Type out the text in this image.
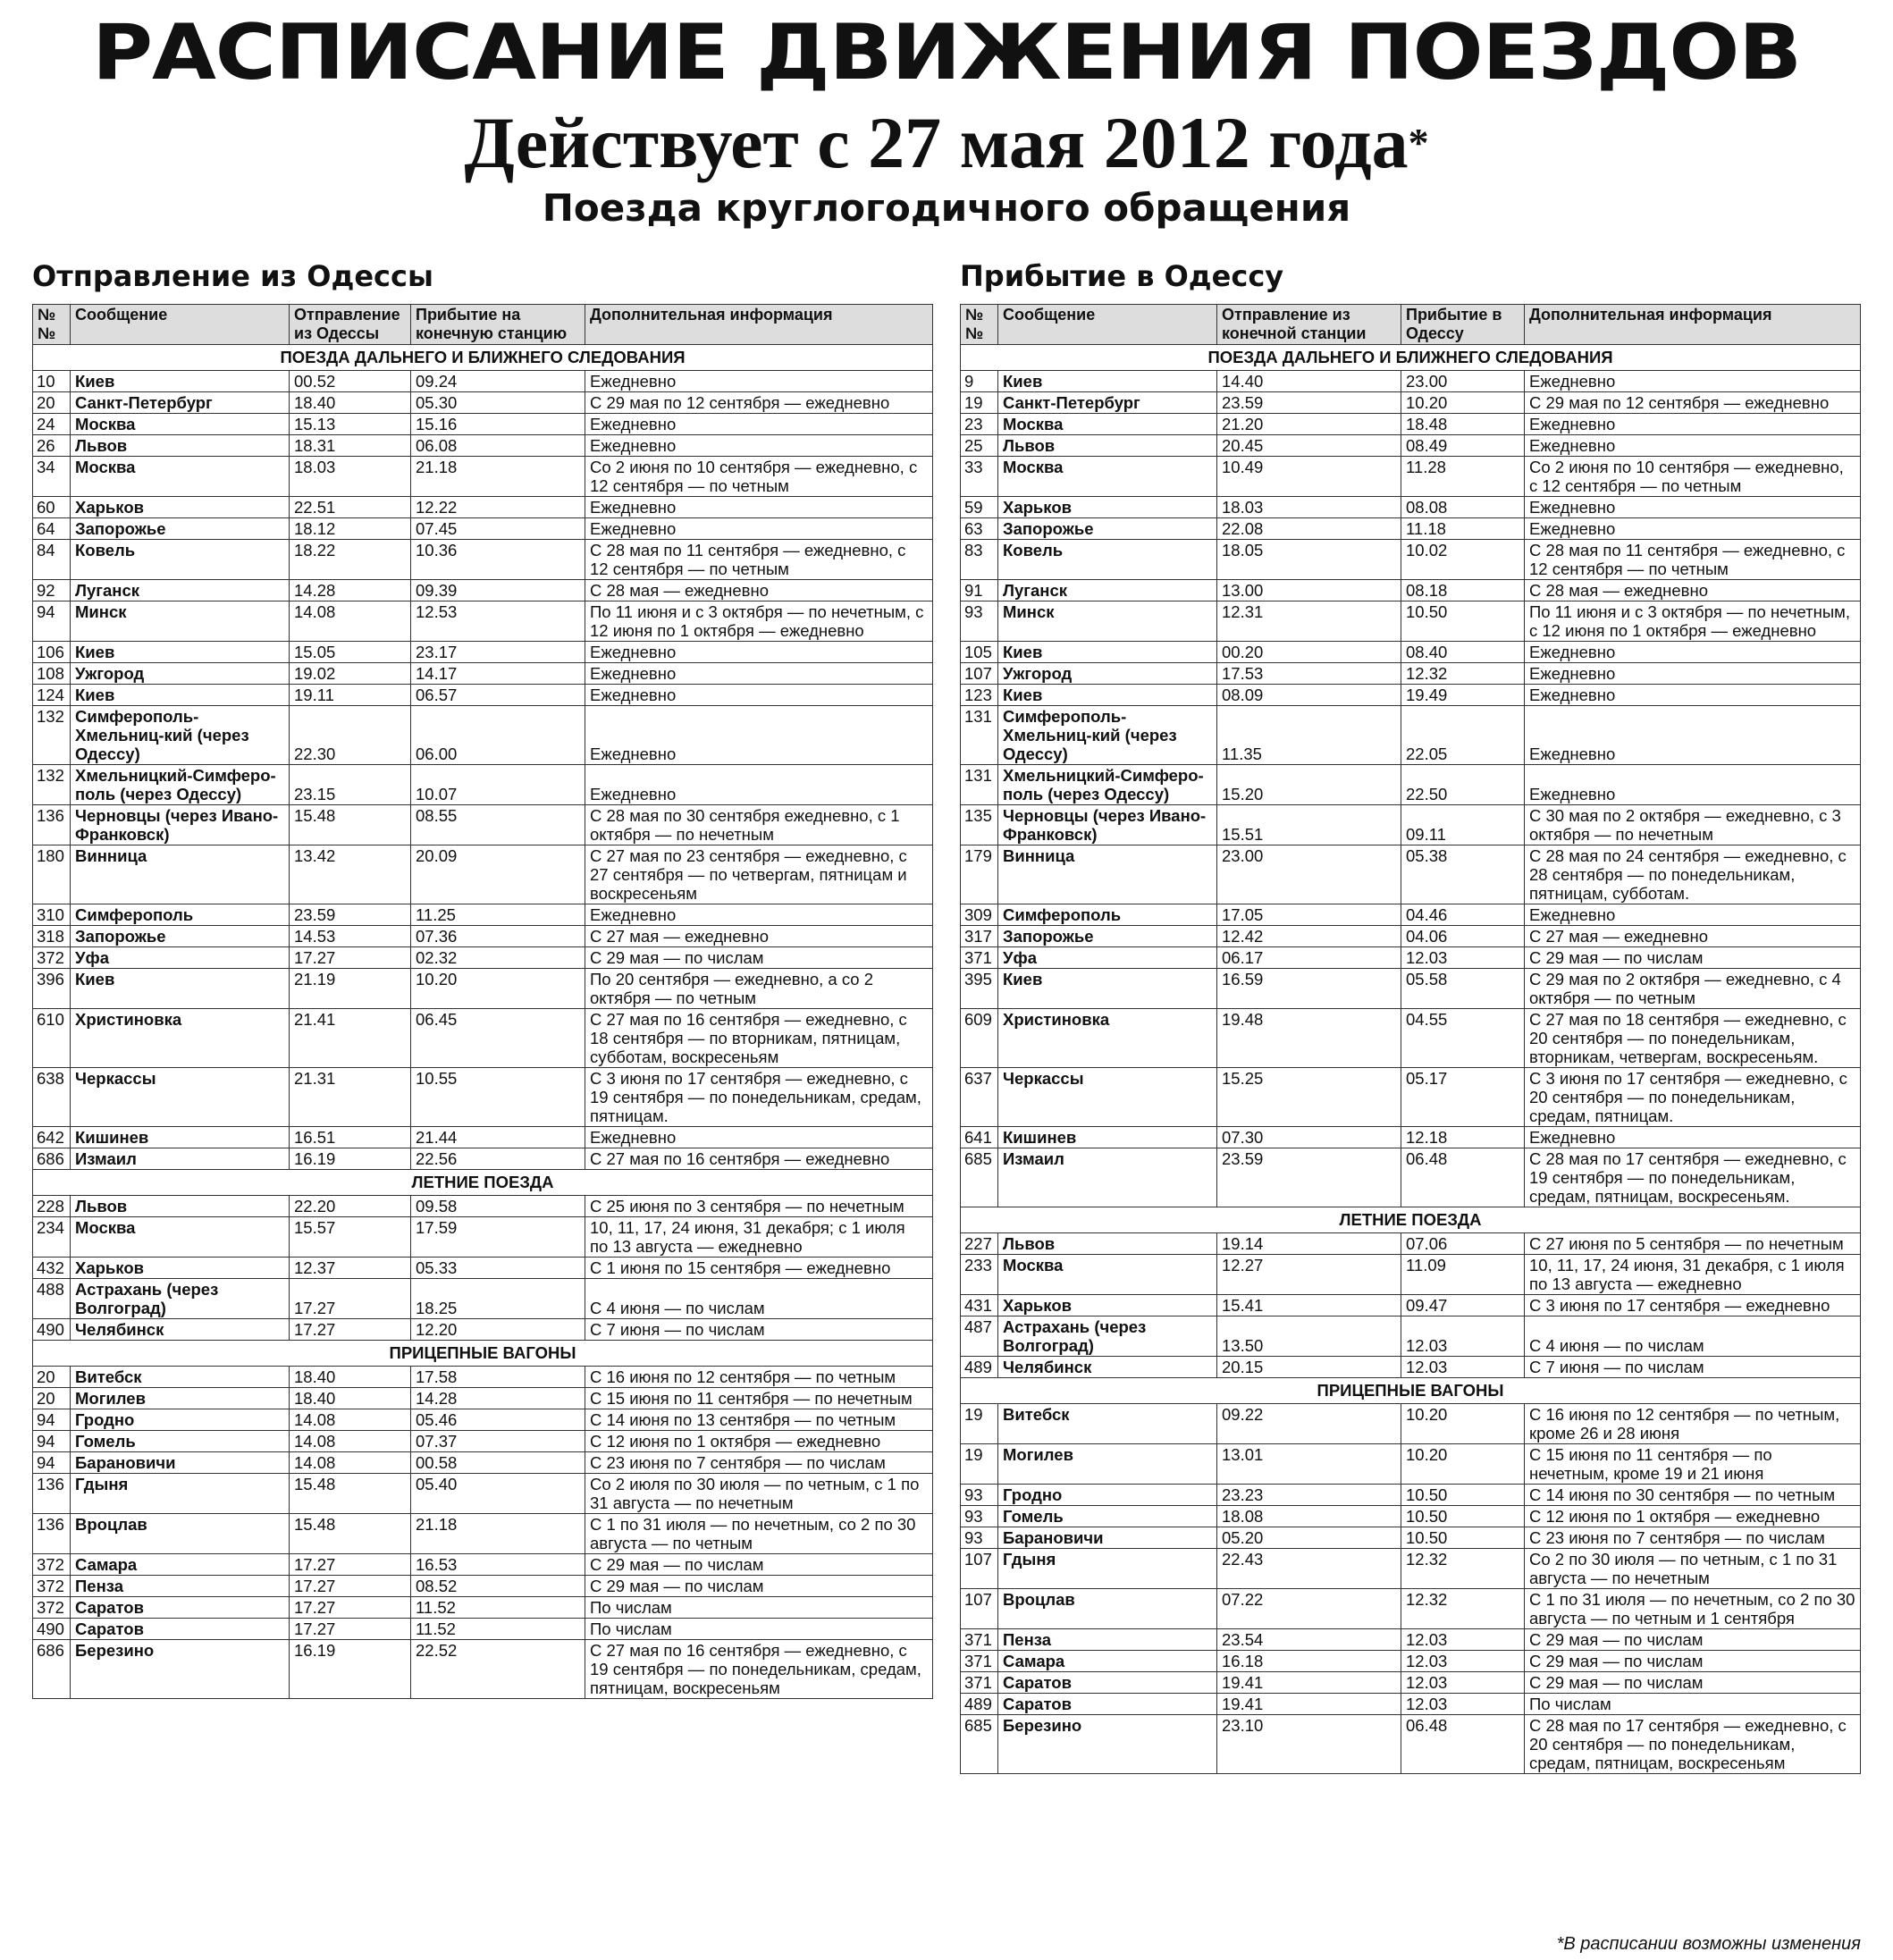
РАСПИСАНИЕ ДВИЖЕНИЯ ПОЕЗДОВ
Действует с 27 мая 2012 года*
Поезда круглогодичного обращения
Отправление из Одессы
№ №	Сообщение	Отправление из Одессы	Прибытие на конечную станцию	Дополнительная информация
ПОЕЗДА ДАЛЬНЕГО И БЛИЖНЕГО СЛЕДОВАНИЯ				
10	Киев	00.52	09.24	Ежедневно
20	Санкт-Петербург	18.40	05.30	С 29 мая по 12 сентября — ежедневно
24	Москва	15.13	15.16	Ежедневно
26	Львов	18.31	06.08	Ежедневно
34	Москва	18.03	21.18	Со 2 июня по 10 сентября — ежедневно, с 12 сентября — по четным
60	Харьков	22.51	12.22	Ежедневно
64	Запорожье	18.12	07.45	Ежедневно
84	Ковель	18.22	10.36	С 28 мая по 11 сентября — ежедневно, с 12 сентября — по четным
92	Луганск	14.28	09.39	С 28 мая — ежедневно
94	Минск	14.08	12.53	По 11 июня и с 3 октября — по нечетным, с 12 июня по 1 октября — ежедневно
106	Киев	15.05	23.17	Ежедневно
108	Ужгород	19.02	14.17	Ежедневно
124	Киев	19.11	06.57	Ежедневно
132	Симферополь-Хмельниц-кий (через Одессу)	22.30	06.00	Ежедневно
132	Хмельницкий-Симферо-поль (через Одессу)	23.15	10.07	Ежедневно
136	Черновцы (через Ивано-Франковск)	15.48	08.55	С 28 мая по 30 сентября ежедневно, с 1 октября — по нечетным
180	Винница	13.42	20.09	С 27 мая по 23 сентября — ежедневно, с 27 сентября — по четвергам, пятницам и воскресеньям
310	Симферополь	23.59	11.25	Ежедневно
318	Запорожье	14.53	07.36	С 27 мая — ежедневно
372	Уфа	17.27	02.32	С 29 мая — по числам
396	Киев	21.19	10.20	По 20 сентября — ежедневно, а со 2 октября — по четным
610	Христиновка	21.41	06.45	С 27 мая по 16 сентября — ежедневно, с 18 сентября — по вторникам, пятницам, субботам, воскресеньям
638	Черкассы	21.31	10.55	С 3 июня по 17 сентября — ежедневно, с 19 сентября — по понедельникам, средам, пятницам.
642	Кишинев	16.51	21.44	Ежедневно
686	Измаил	16.19	22.56	С 27 мая по 16 сентября — ежедневно
ЛЕТНИЕ ПОЕЗДА				
228	Львов	22.20	09.58	С 25 июня по 3 сентября — по нечетным
234	Москва	15.57	17.59	10, 11, 17, 24 июня, 31 декабря; с 1 июля по 13 августа — ежедневно
432	Харьков	12.37	05.33	С 1 июня по 15 сентября — ежедневно
488	Астрахань (через Волгоград)	17.27	18.25	С 4 июня — по числам
490	Челябинск	17.27	12.20	С 7 июня — по числам
ПРИЦЕПНЫЕ ВАГОНЫ				
20	Витебск	18.40	17.58	С 16 июня по 12 сентября — по четным
20	Могилев	18.40	14.28	С 15 июня по 11 сентября — по нечетным
94	Гродно	14.08	05.46	С 14 июня по 13 сентября — по четным
94	Гомель	14.08	07.37	С 12 июня по 1 октября — ежедневно
94	Барановичи	14.08	00.58	С 23 июня по 7 сентября — по числам
136	Гдыня	15.48	05.40	Со 2 июля по 30 июля — по четным, с 1 по 31 августа — по нечетным
136	Вроцлав	15.48	21.18	С 1 по 31 июля — по нечетным, со 2 по 30 августа — по четным
372	Самара	17.27	16.53	С 29 мая — по числам
372	Пенза	17.27	08.52	С 29 мая — по числам
372	Саратов	17.27	11.52	По числам
490	Саратов	17.27	11.52	По числам
686	Березино	16.19	22.52	С 27 мая по 16 сентября — ежедневно, с 19 сентября — по понедельникам, средам, пятницам, воскресеньям
Прибытие в Одессу
№ №	Сообщение	Отправление из конечной станции	Прибытие в Одессу	Дополнительная информация
ПОЕЗДА ДАЛЬНЕГО И БЛИЖНЕГО СЛЕДОВАНИЯ				
9	Киев	14.40	23.00	Ежедневно
19	Санкт-Петербург	23.59	10.20	С 29 мая по 12 сентября — ежедневно
23	Москва	21.20	18.48	Ежедневно
25	Львов	20.45	08.49	Ежедневно
33	Москва	10.49	11.28	Со 2 июня по 10 сентября — ежедневно, с 12 сентября — по четным
59	Харьков	18.03	08.08	Ежедневно
63	Запорожье	22.08	11.18	Ежедневно
83	Ковель	18.05	10.02	С 28 мая по 11 сентября — ежедневно, с 12 сентября — по четным
91	Луганск	13.00	08.18	С 28 мая — ежедневно
93	Минск	12.31	10.50	По 11 июня и с 3 октября — по нечетным, с 12 июня по 1 октября — ежедневно
105	Киев	00.20	08.40	Ежедневно
107	Ужгород	17.53	12.32	Ежедневно
123	Киев	08.09	19.49	Ежедневно
131	Симферополь-Хмельниц-кий (через Одессу)	11.35	22.05	Ежедневно
131	Хмельницкий-Симферо-поль (через Одессу)	15.20	22.50	Ежедневно
135	Черновцы (через Ивано-Франковск)	15.51	09.11	С 30 мая по 2 октября — ежедневно, с 3 октября — по нечетным
179	Винница	23.00	05.38	С 28 мая по 24 сентября — ежедневно, с 28 сентября — по понедельникам, пятницам, субботам.
309	Симферополь	17.05	04.46	Ежедневно
317	Запорожье	12.42	04.06	С 27 мая — ежедневно
371	Уфа	06.17	12.03	С 29 мая — по числам
395	Киев	16.59	05.58	С 29 мая по 2 октября — ежедневно, с 4 октября — по четным
609	Христиновка	19.48	04.55	С 27 мая по 18 сентября — ежедневно, с 20 сентября — по понедельникам, вторникам, четвергам, воскресеньям.
637	Черкассы	15.25	05.17	С 3 июня по 17 сентября — ежедневно, с 20 сентября — по понедельникам, средам, пятницам.
641	Кишинев	07.30	12.18	Ежедневно
685	Измаил	23.59	06.48	С 28 мая по 17 сентября — ежедневно, с 19 сентября — по понедельникам, средам, пятницам, воскресеньям.
ЛЕТНИЕ ПОЕЗДА				
227	Львов	19.14	07.06	С 27 июня по 5 сентября — по нечетным
233	Москва	12.27	11.09	10, 11, 17, 24 июня, 31 декабря, с 1 июля по 13 августа — ежедневно
431	Харьков	15.41	09.47	С 3 июня по 17 сентября — ежедневно
487	Астрахань (через Волгоград)	13.50	12.03	С 4 июня — по числам
489	Челябинск	20.15	12.03	С 7 июня — по числам
ПРИЦЕПНЫЕ ВАГОНЫ				
19	Витебск	09.22	10.20	С 16 июня по 12 сентября — по четным, кроме 26 и 28 июня
19	Могилев	13.01	10.20	С 15 июня по 11 сентября — по нечетным, кроме 19 и 21 июня
93	Гродно	23.23	10.50	С 14 июня по 30 сентября — по четным
93	Гомель	18.08	10.50	С 12 июня по 1 октября — ежедневно
93	Барановичи	05.20	10.50	С 23 июня по 7 сентября — по числам
107	Гдыня	22.43	12.32	Со 2 по 30 июля — по четным, с 1 по 31 августа — по нечетным
107	Вроцлав	07.22	12.32	С 1 по 31 июля — по нечетным, со 2 по 30 августа — по четным и 1 сентября
371	Пенза	23.54	12.03	С 29 мая — по числам
371	Самара	16.18	12.03	С 29 мая — по числам
371	Саратов	19.41	12.03	С 29 мая — по числам
489	Саратов	19.41	12.03	По числам
685	Березино	23.10	06.48	С 28 мая по 17 сентября — ежедневно, с 20 сентября — по понедельникам, средам, пятницам, воскресеньям
*В расписании возможны изменения
